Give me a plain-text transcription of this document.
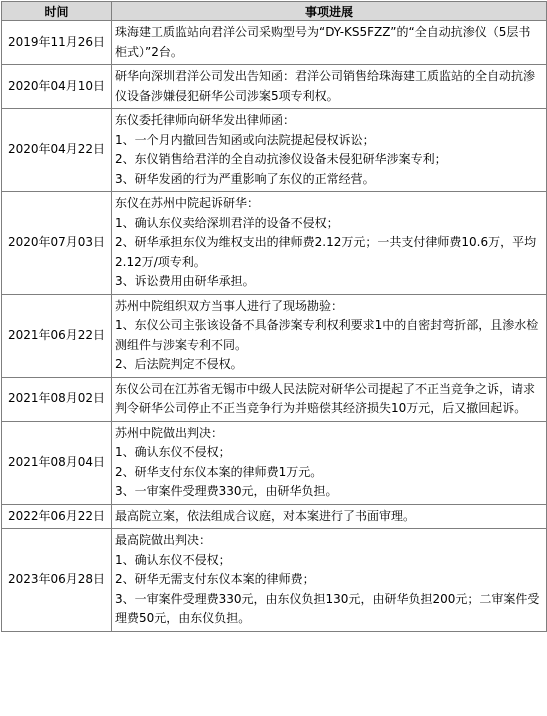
时间	事项进展
2019年11月26日	珠海建工质监站向君洋公司采购型号为“DY-KS5FZZ”的“全自动抗渗仪（5层书柜式）”2台。

2020年04月10日	研华向深圳君洋公司发出告知函：君洋公司销售给珠海建工质监站的全自动抗渗仪设备涉嫌侵犯研华公司涉案5项专利权。

2020年04月22日	东仪委托律师向研华发出律师函：
1、一个月内撤回告知函或向法院提起侵权诉讼；
2、东仪销售给君洋的全自动抗渗仪设备未侵犯研华涉案专利；
3、研华发函的行为严重影响了东仪的正常经营。

2020年07月03日	东仪在苏州中院起诉研华：
1、确认东仪卖给深圳君洋的设备不侵权；
2、研华承担东仪为维权支出的律师费2.12万元；一共支付律师费10.6万，平均2.12万/项专利。
3、诉讼费用由研华承担。

2021年06月22日	苏州中院组织双方当事人进行了现场勘验：
1、东仪公司主张该设备不具备涉案专利权利要求1中的自密封弯折部，且渗水检测组件与涉案专利不同。
2、后法院判定不侵权。

2021年08月02日	东仪公司在江苏省无锡市中级人民法院对研华公司提起了不正当竞争之诉，请求判令研华公司停止不正当竞争行为并赔偿其经济损失10万元，后又撤回起诉。

2021年08月04日	苏州中院做出判决：
1、确认东仪不侵权；
2、研华支付东仪本案的律师费1万元。
3、一审案件受理费330元，由研华负担。

2022年06月22日	最高院立案，依法组成合议庭，对本案进行了书面审理。

2023年06月28日	最高院做出判决：
1、确认东仪不侵权；
2、研华无需支付东仪本案的律师费；
3、一审案件受理费330元，由东仪负担130元，由研华负担200元；二审案件受理费50元，由东仪负担。
